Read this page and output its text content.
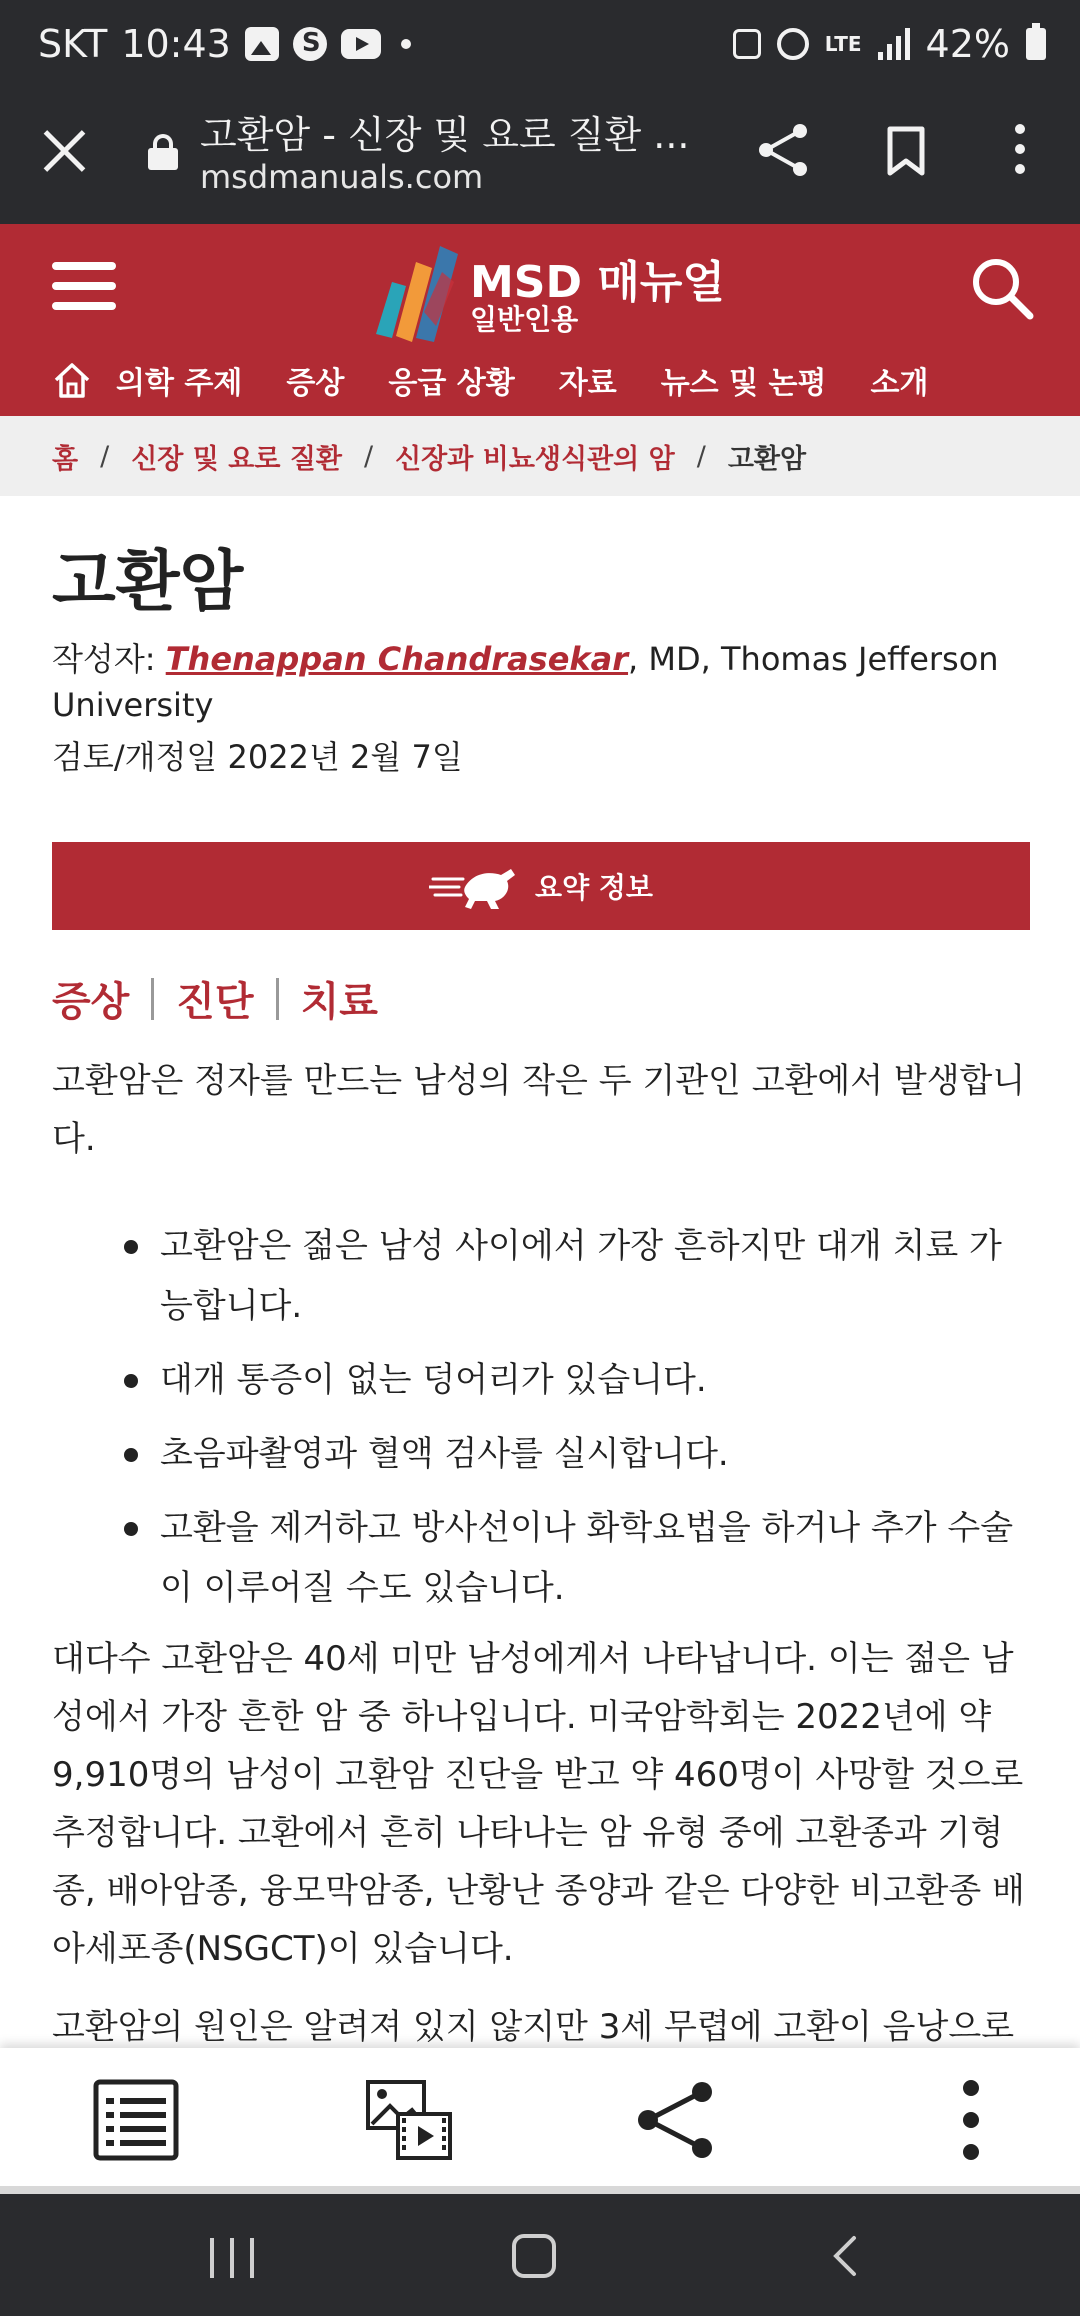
SKT 10:43
S	LTE 42%
고환암 - 신장 및 요로 질환 ...
msdmanuals.com
MSD 매뉴얼
일반인용
의학 주제 증상 응급 상황 자료 뉴스 및 논평 소개
홈 / 신장 및 요로 질환 / 신장과 비뇨생식관의 암 / 고환암
고환암
작성자: Thenappan Chandrasekar, MD, Thomas Jefferson University
검토/개정일 2022년 2월 7일
요약 정보
증상 진단 치료

고환암은 정자를 만드는 남성의 작은 두 기관인 고환에서 발생합니다.

고환암은 젊은 남성 사이에서 가장 흔하지만 대개 치료 가능합니다.
대개 통증이 없는 덩어리가 있습니다.
초음파촬영과 혈액 검사를 실시합니다.
고환을 제거하고 방사선이나 화학요법을 하거나 추가 수술이 이루어질 수도 있습니다.

대다수 고환암은 40세 미만 남성에게서 나타납니다. 이는 젊은 남성에서 가장 흔한 암 중 하나입니다. 미국암학회는 2022년에 약 9,910명의 남성이 고환암 진단을 받고 약 460명이 사망할 것으로 추정합니다. 고환에서 흔히 나타나는 암 유형 중에 고환종과 기형종, 배아암종, 융모막암종, 난황난 종양과 같은 다양한 비고환종 배아세포종(NSGCT)이 있습니다.

고환암의 원인은 알려져 있지 않지만 3세 무렵에 고환이 음낭으로
